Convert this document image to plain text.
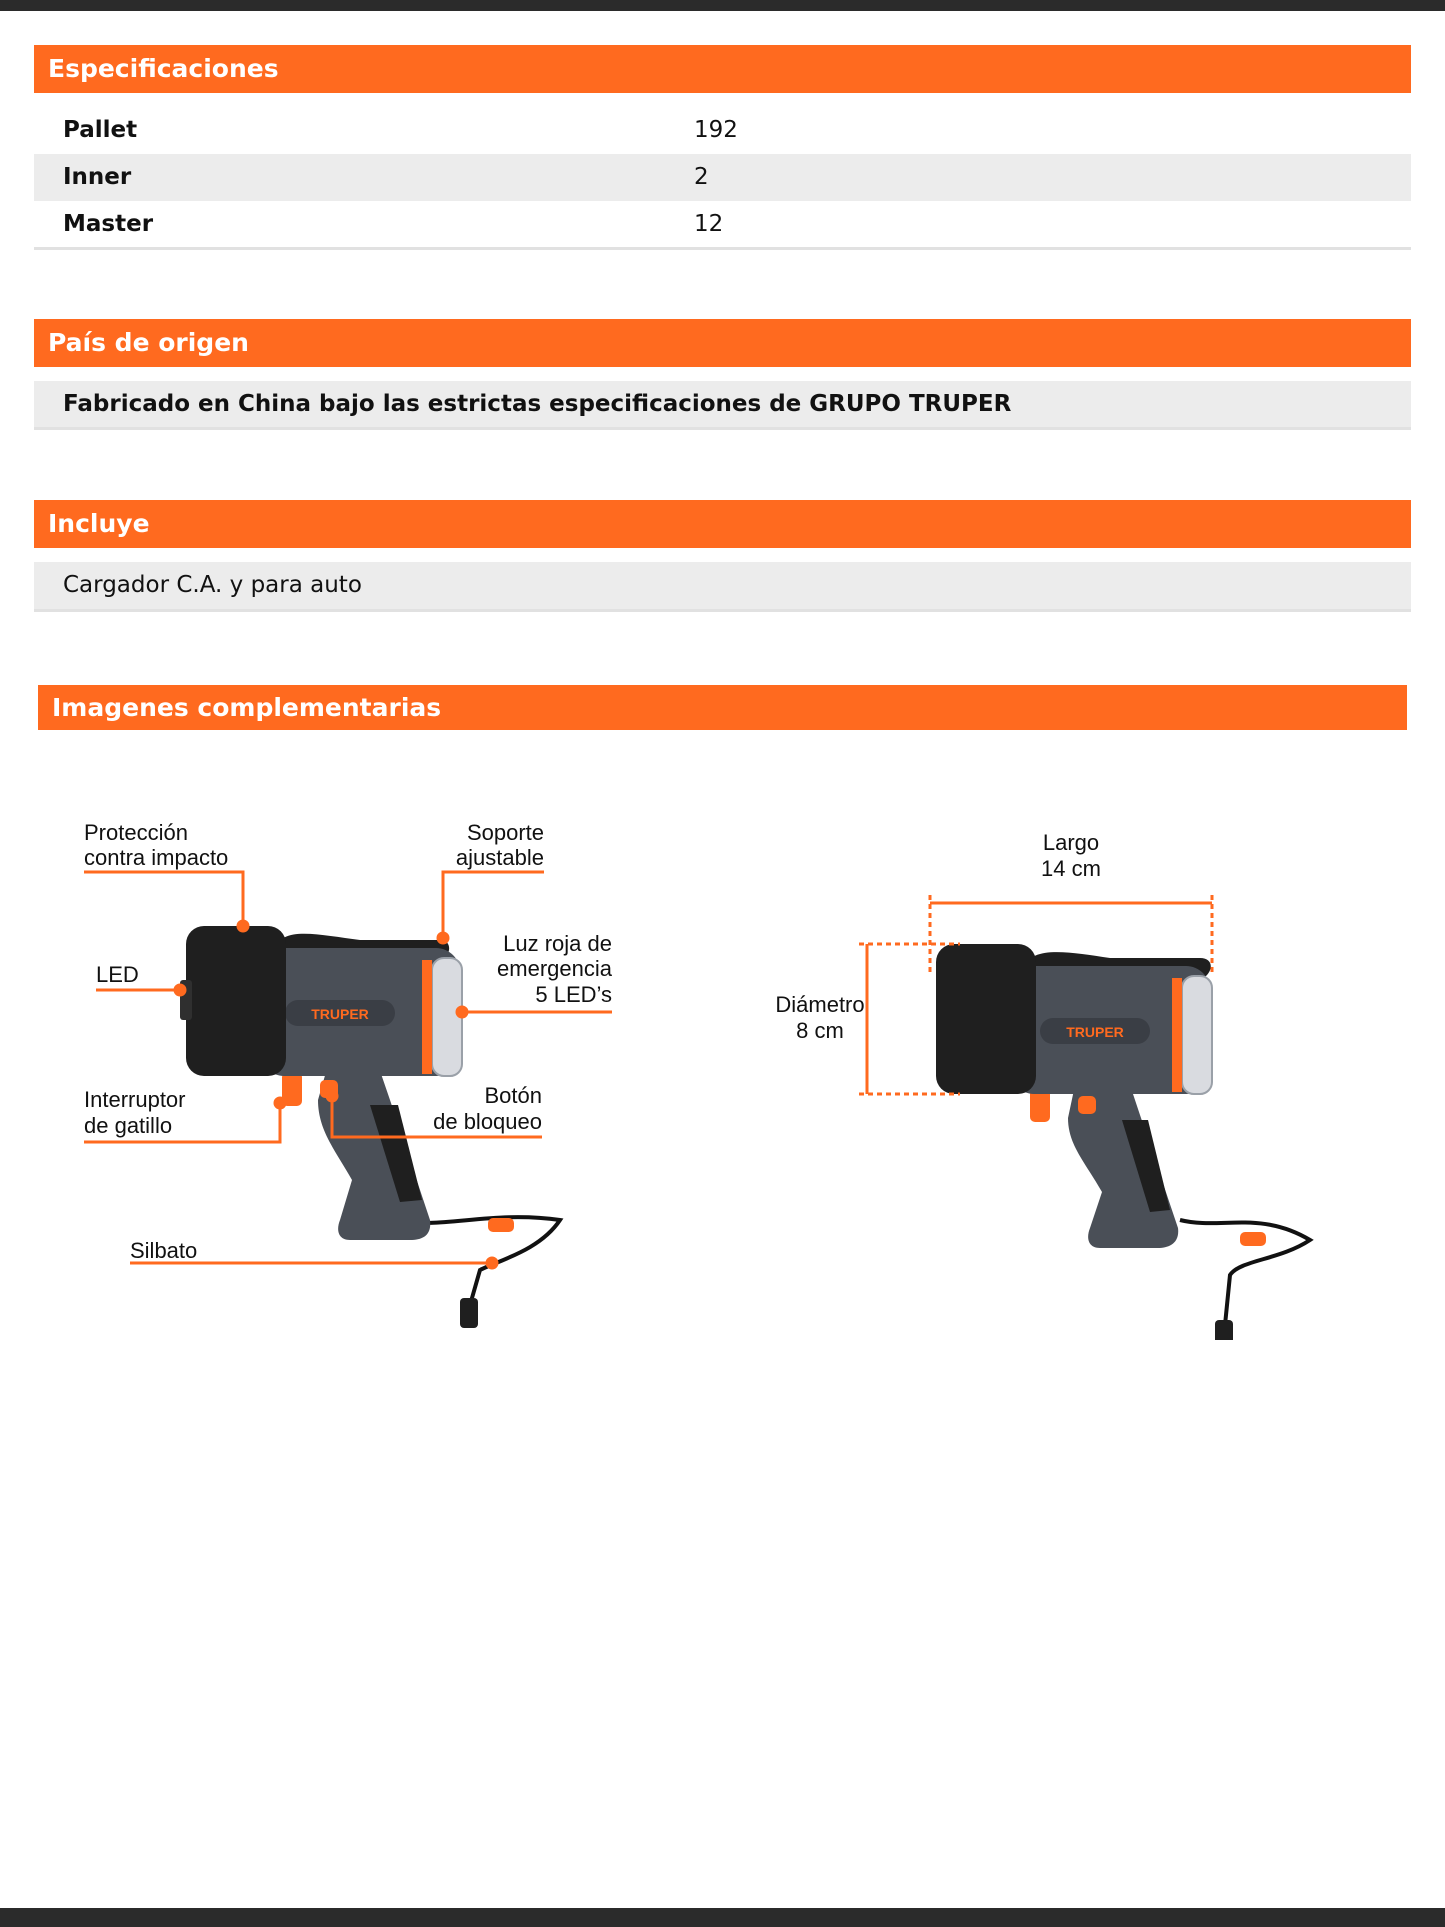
Especificaciones
Pallet	192
Inner	2
Master	12
País de origen
Fabricado en China bajo las estrictas especificaciones de GRUPO TRUPER
Incluye
Cargador C.A. y para auto
Imagenes complementarias
TRUPER
Protección
contra impacto
Soporte
ajustable
LED
Luz roja de
emergencia
5 LED’s
Interruptor
de gatillo
Botón
de bloqueo
Silbato
TRUPER
Largo
14 cm
Diámetro
8 cm
